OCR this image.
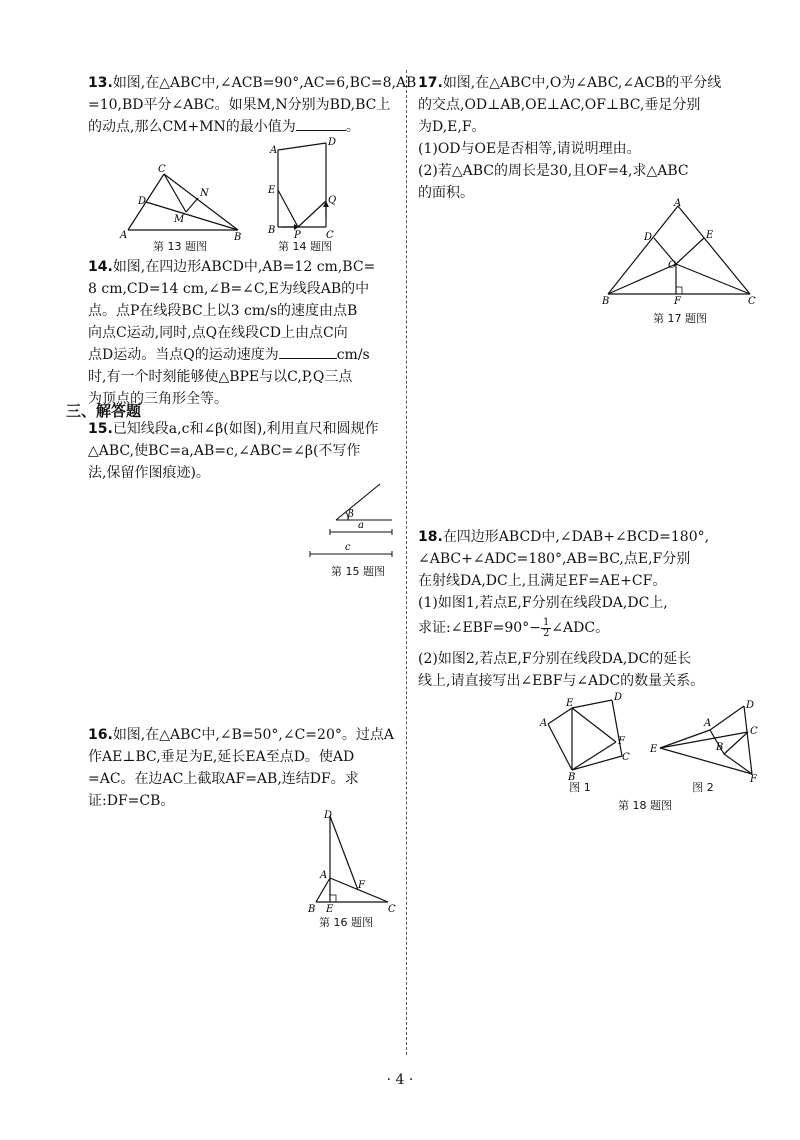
13.如图,在△ABC中,∠ACB=90°,AC=6,BC=8,AB
=10,BD平分∠ABC。如果M,N分别为BD,BC上
的动点,那么CM+MN的最小值为	。
C
D
N
M
A	B
A
D
E
Q
B P	C
第 13 题图	第 14 题图
14.如图,在四边形ABCD中,AB=12 cm,BC=
8 cm,CD=14 cm,∠B=∠C,E为线段AB的中
点。点P在线段BC上以3 cm/s的速度由点B
向点C运动,同时,点Q在线段CD上由点C向
点D运动。当点Q的运动速度为	cm/s
时,有一个时刻能够使△BPE与以C,P,Q三点
为顶点的三角形全等。
三、解答题
15.已知线段a,c和∠β(如图),利用直尺和圆规作
△ABC,使BC=a,AB=c,∠ABC=∠β(不写作
法,保留作图痕迹)。
β
a
c
第 15 题图
16.如图,在△ABC中,∠B=50°,∠C=20°。过点A
作AE⊥BC,垂足为E,延长EA至点D。使AD
=AC。在边AC上截取AF=AB,连结DF。求
证:DF=CB。
D
A
F
B E	C
第 16 题图
17.如图,在△ABC中,O为∠ABC,∠ACB的平分线
的交点,OD⊥AB,OE⊥AC,OF⊥BC,垂足分别
为D,E,F。
(1)OD与OE是否相等,请说明理由。
(2)若△ABC的周长是30,且OF=4,求△ABC
的面积。
A
D	E
O
B	F	C
第 17 题图
18.在四边形ABCD中,∠DAB+∠BCD=180°,
∠ABC+∠ADC=180°,AB=BC,点E,F分别
在射线DA,DC上,且满足EF=AE+CF。
(1)如图1,若点E,F分别在线段DA,DC上,
求证:∠EBF=90°− $\frac{1}{2}$ ∠ADC。
(2)如图2,若点E,F分别在线段DA,DC的延长
线上,请直接写出∠EBF与∠ADC的数量关系。
A
E
D
F
C
B
E
A
D
C
B
F
图 1	图 2
第 18 题图
· 4 ·
